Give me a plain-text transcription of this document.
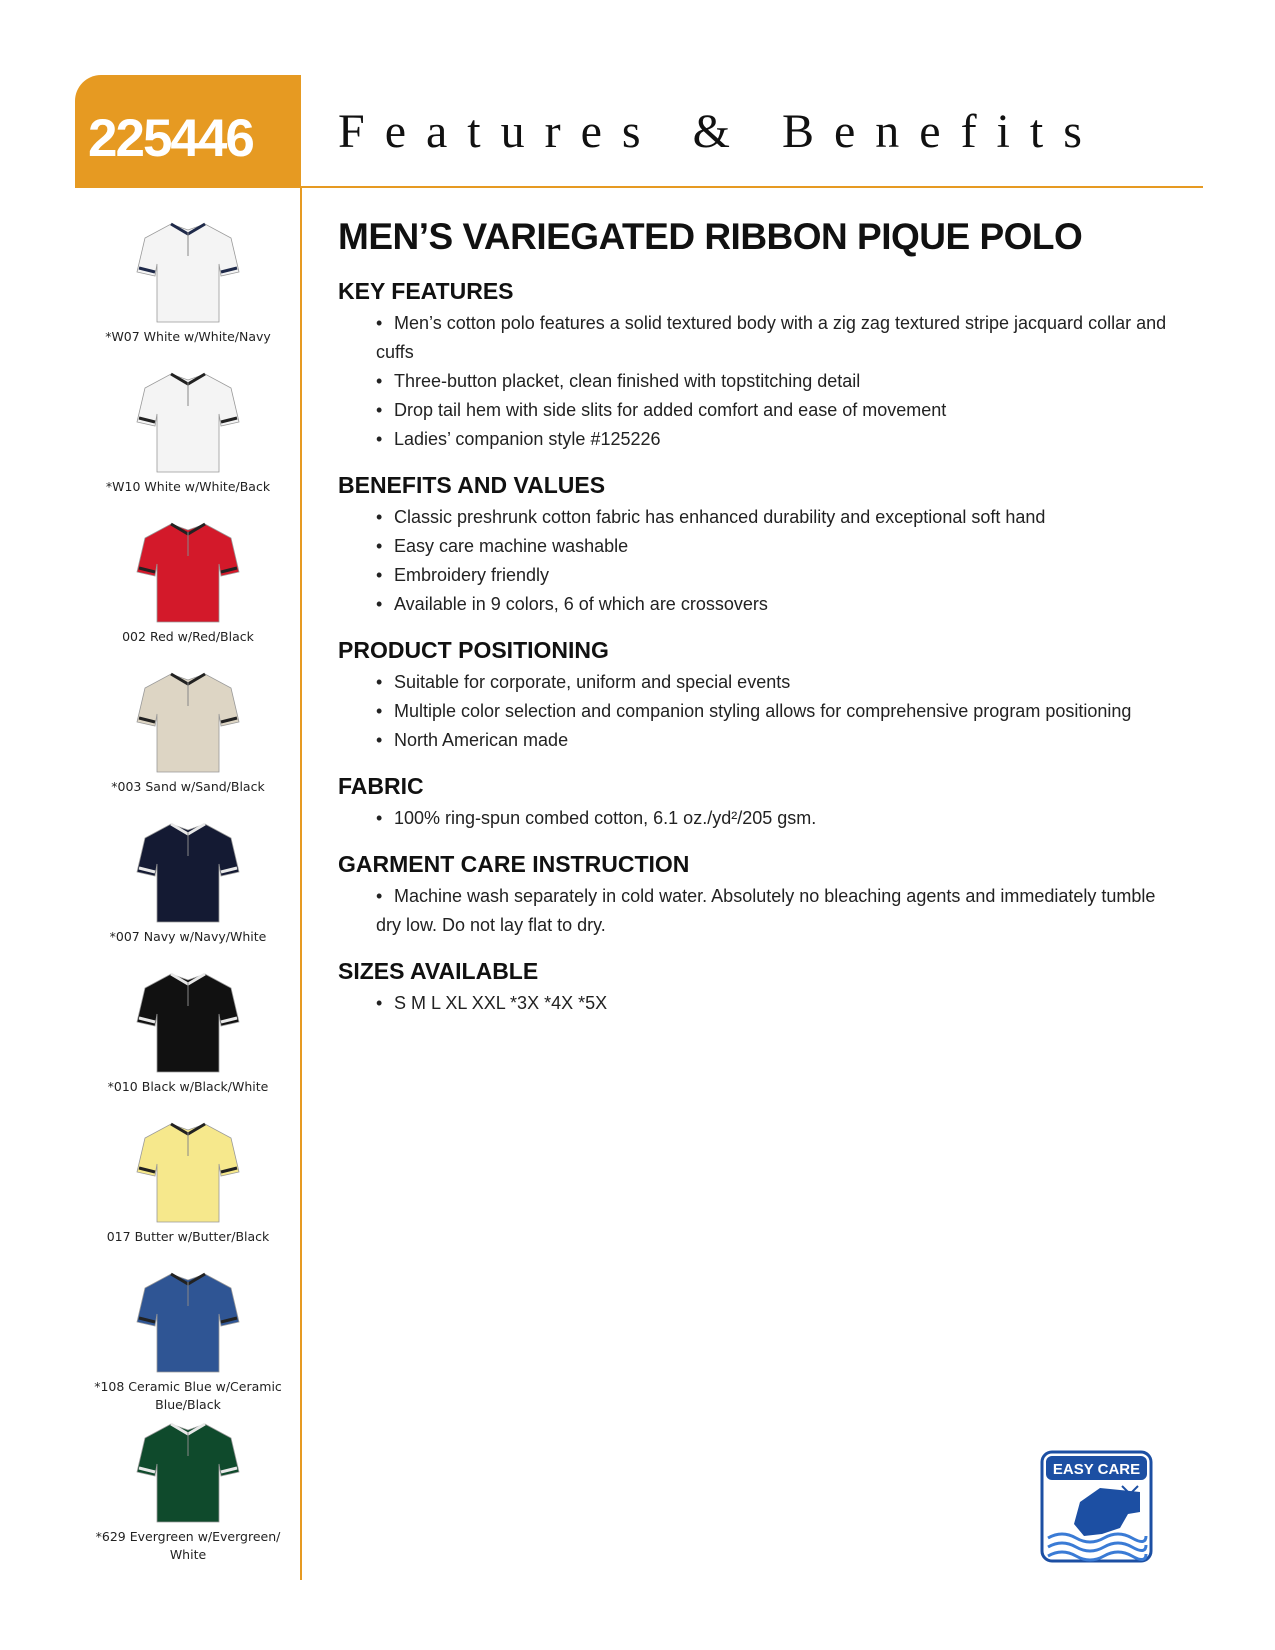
225446 Features & Benefits
*W07 White w/White/Navy
*W10 White w/White/Back
002 Red w/Red/Black
*003 Sand w/Sand/Black
*007 Navy w/Navy/White
*010 Black w/Black/White
017 Butter w/Butter/Black
*108 Ceramic Blue w/Ceramic Blue/Black
*629 Evergreen w/Evergreen/ White
MEN’S VARIEGATED RIBBON PIQUE POLO
KEY FEATURES
• Men’s cotton polo features a solid textured body with a zig zag textured stripe jacquard collar and cuffs
• Three-button placket, clean finished with topstitching detail
• Drop tail hem with side slits for added comfort and ease of movement
• Ladies’ companion style #125226
BENEFITS AND VALUES
• Classic preshrunk cotton fabric has enhanced durability and exceptional soft hand
• Easy care machine washable
• Embroidery friendly
• Available in 9 colors, 6 of which are crossovers
PRODUCT POSITIONING
• Suitable for corporate, uniform and special events
• Multiple color selection and companion styling allows for comprehensive program positioning
• North American made
FABRIC
• 100% ring-spun combed cotton, 6.1 oz./yd²/205 gsm.
GARMENT CARE INSTRUCTION
• Machine wash separately in cold water. Absolutely no bleaching agents and immediately tumble dry low. Do not lay flat to dry.
SIZES AVAILABLE
• S M L XL XXL *3X *4X *5X
EASY CARE
